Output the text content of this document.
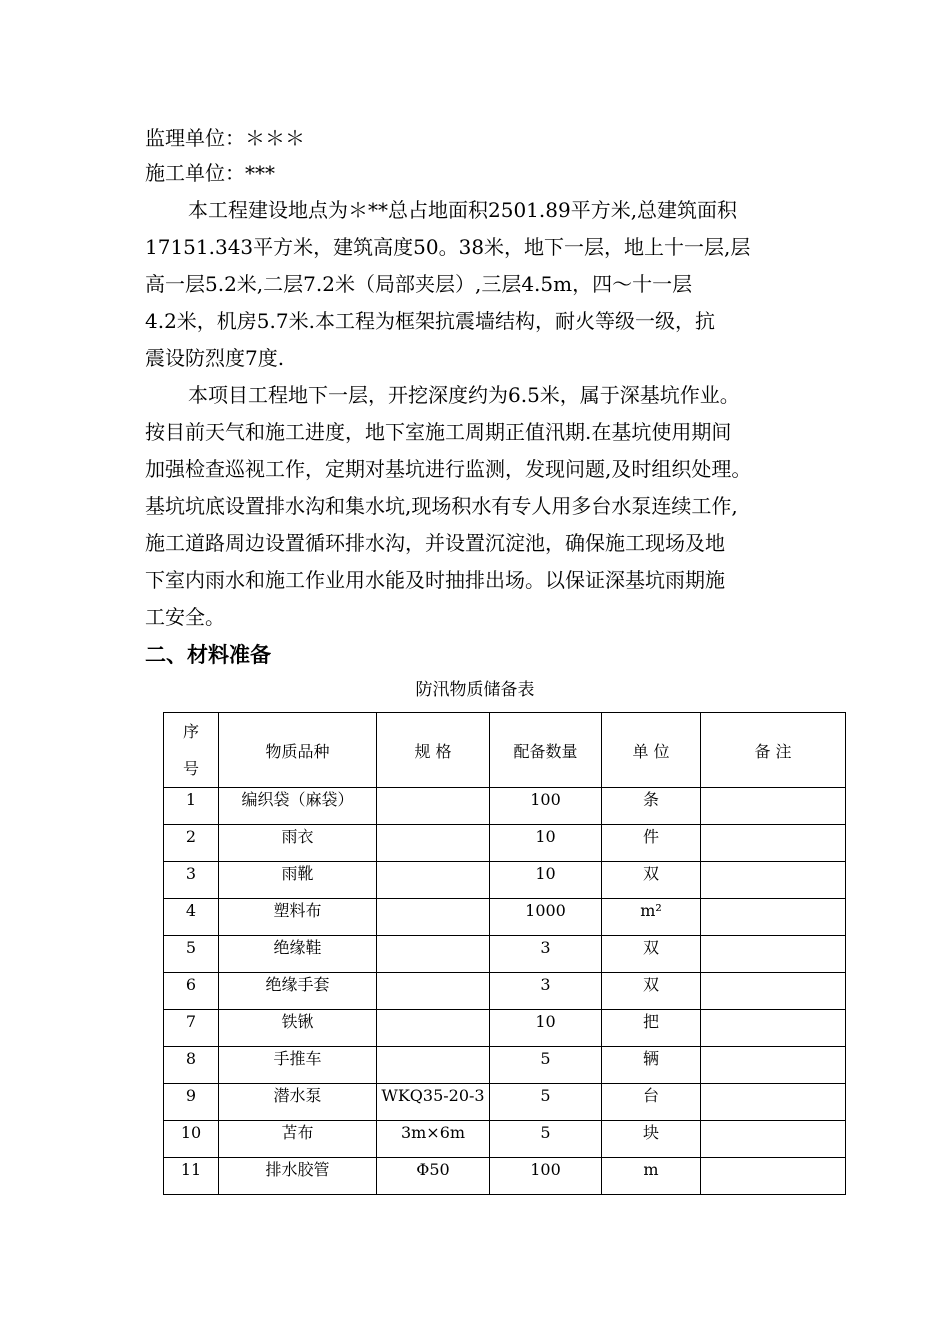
监理单位：＊＊＊
施工单位：***
本工程建设地点为＊**总占地面积2501.89平方米,总建筑面积
17151.343平方米，建筑高度50。38米，地下一层，地上十一层,层
高一层5.2米,二层7.2米（局部夹层）,三层4.5m，四～十一层
4.2米，机房5.7米.本工程为框架抗震墙结构，耐火等级一级，抗
震设防烈度7度.
本项目工程地下一层，开挖深度约为6.5米，属于深基坑作业。
按目前天气和施工进度，地下室施工周期正值汛期.在基坑使用期间
加强检查巡视工作，定期对基坑进行监测，发现问题,及时组织处理。
基坑坑底设置排水沟和集水坑,现场积水有专人用多台水泵连续工作,
施工道路周边设置循环排水沟，并设置沉淀池，确保施工现场及地
下室内雨水和施工作业用水能及时抽排出场。以保证深基坑雨期施
工安全。
二、材料准备
防汛物质储备表
序
号	物质品种	规 格	配备数量	单 位	备 注
1	编织袋（麻袋）		100	条	
2	雨衣		10	件	
3	雨靴		10	双	
4	塑料布		1000	m²	
5	绝缘鞋		3	双	
6	绝缘手套		3	双	
7	铁锹		10	把	
8	手推车		5	辆	
9	潜水泵	WKQ35-20-3	5	台	
10	苫布	3m×6m	5	块	
11	排水胶管	Φ50	100	m	
